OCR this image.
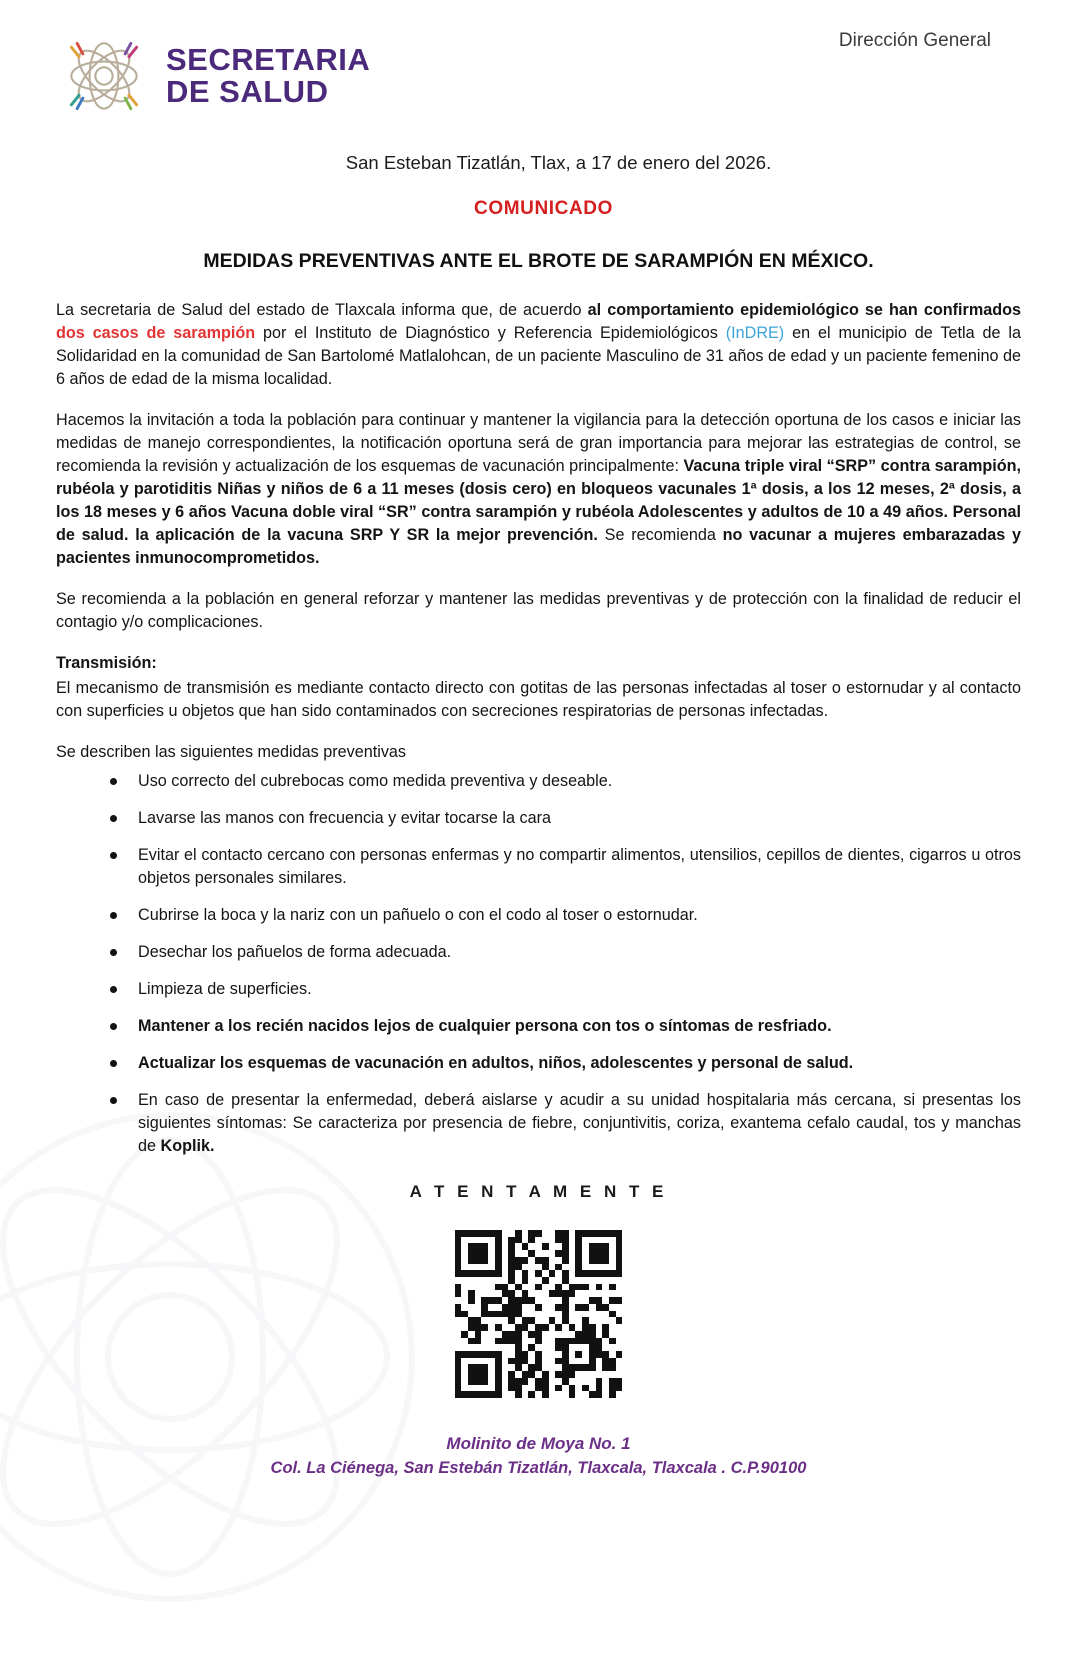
SECRETARIA
DE SALUD
Dirección General
San Esteban Tizatlán, Tlax, a 17 de enero del 2026.
COMUNICADO
MEDIDAS PREVENTIVAS ANTE EL BROTE DE SARAMPIÓN EN MÉXICO.

La secretaria de Salud del estado de Tlaxcala informa que, de acuerdo al comportamiento epidemiológico se han confirmados dos casos de sarampión por el Instituto de Diagnóstico y Referencia Epidemiológicos (InDRE) en el municipio de Tetla de la Solidaridad en la comunidad de San Bartolomé Matlalohcan, de un paciente Masculino de 31 años de edad y un paciente femenino de 6 años de edad de la misma localidad.

Hacemos la invitación a toda la población para continuar y mantener la vigilancia para la detección oportuna de los casos e iniciar las medidas de manejo correspondientes, la notificación oportuna será de gran importancia para mejorar las estrategias de control, se recomienda la revisión y actualización de los esquemas de vacunación principalmente: Vacuna triple viral “SRP” contra sarampión, rubéola y parotiditis Niñas y niños de 6 a 11 meses (dosis cero) en bloqueos vacunales 1ª dosis, a los 12 meses, 2ª dosis, a los 18 meses y 6 años Vacuna doble viral “SR” contra sarampión y rubéola Adolescentes y adultos de 10 a 49 años. Personal de salud. la aplicación de la vacuna SRP Y SR la mejor prevención. Se recomienda no vacunar a mujeres embarazadas y pacientes inmunocomprometidos.

Se recomienda a la población en general reforzar y mantener las medidas preventivas y de protección con la finalidad de reducir el contagio y/o complicaciones.

Transmisión:

El mecanismo de transmisión es mediante contacto directo con gotitas de las personas infectadas al toser o estornudar y al contacto con superficies u objetos que han sido contaminados con secreciones respiratorias de personas infectadas.

Se describen las siguientes medidas preventivas
Uso correcto del cubrebocas como medida preventiva y deseable.
Lavarse las manos con frecuencia y evitar tocarse la cara
Evitar el contacto cercano con personas enfermas y no compartir alimentos, utensilios, cepillos de dientes, cigarros u otros objetos personales similares.
Cubrirse la boca y la nariz con un pañuelo o con el codo al toser o estornudar.
Desechar los pañuelos de forma adecuada.
Limpieza de superficies.
Mantener a los recién nacidos lejos de cualquier persona con tos o síntomas de resfriado.
Actualizar los esquemas de vacunación en adultos, niños, adolescentes y personal de salud.
En caso de presentar la enfermedad, deberá aislarse y acudir a su unidad hospitalaria más cercana, si presentas los siguientes síntomas: Se caracteriza por presencia de fiebre, conjuntivitis, coriza, exantema cefalo caudal, tos y manchas de Koplik.
A T E N T A M E N T E
Molinito de Moya No. 1
Col. La Ciénega, San Estebán Tizatlán, Tlaxcala, Tlaxcala . C.P.90100
